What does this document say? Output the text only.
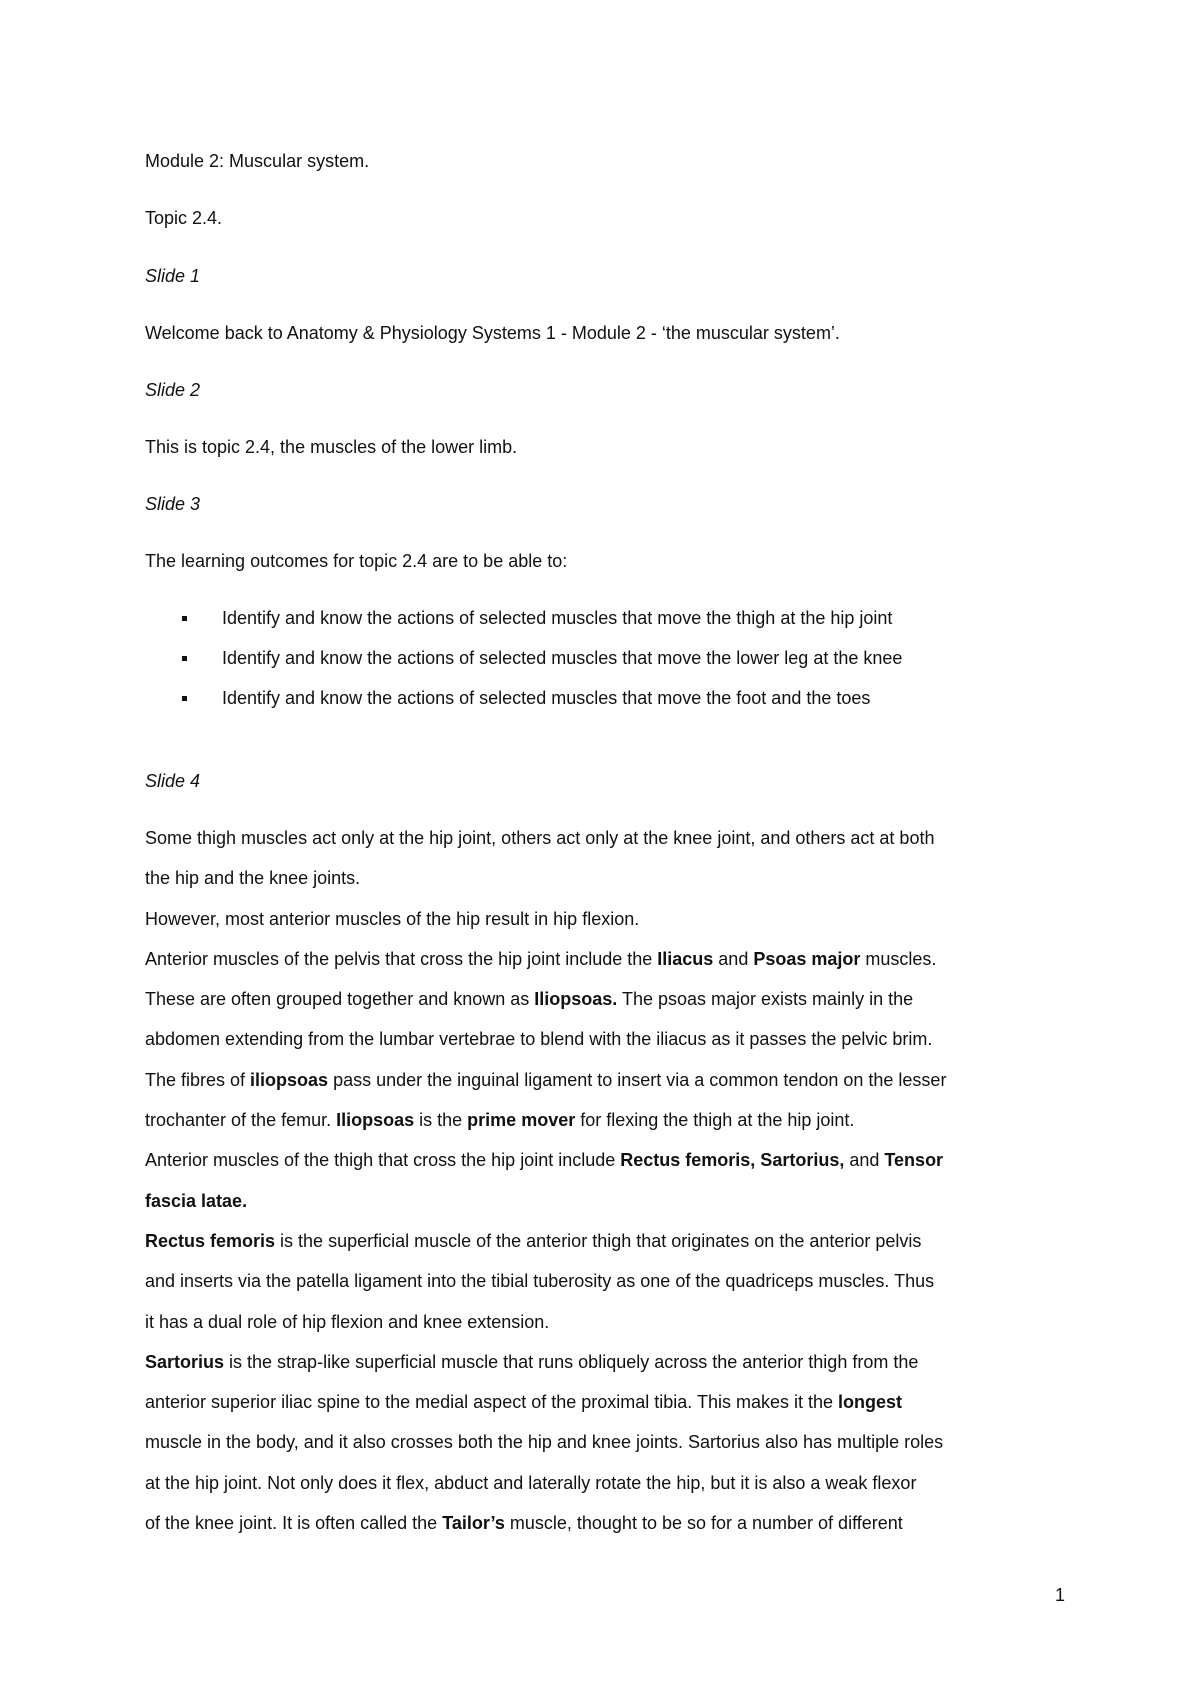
Module 2: Muscular system.

Topic 2.4.

Slide 1

Welcome back to Anatomy & Physiology Systems 1 - Module 2 - ‘the muscular system’.

Slide 2

This is topic 2.4, the muscles of the lower limb.

Slide 3

The learning outcomes for topic 2.4 are to be able to:

Identify and know the actions of selected muscles that move the thigh at the hip joint
Identify and know the actions of selected muscles that move the lower leg at the knee
Identify and know the actions of selected muscles that move the foot and the toes

Slide 4

Some thigh muscles act only at the hip joint, others act only at the knee joint, and others act at both
the hip and the knee joints.
However, most anterior muscles of the hip result in hip flexion.
Anterior muscles of the pelvis that cross the hip joint include the Iliacus and Psoas major muscles.
These are often grouped together and known as Iliopsoas. The psoas major exists mainly in the
abdomen extending from the lumbar vertebrae to blend with the iliacus as it passes the pelvic brim.
The fibres of iliopsoas pass under the inguinal ligament to insert via a common tendon on the lesser
trochanter of the femur. Iliopsoas is the prime mover for flexing the thigh at the hip joint.
Anterior muscles of the thigh that cross the hip joint include Rectus femoris, Sartorius, and Tensor
fascia latae.
Rectus femoris is the superficial muscle of the anterior thigh that originates on the anterior pelvis
and inserts via the patella ligament into the tibial tuberosity as one of the quadriceps muscles. Thus
it has a dual role of hip flexion and knee extension.
Sartorius is the strap-like superficial muscle that runs obliquely across the anterior thigh from the
anterior superior iliac spine to the medial aspect of the proximal tibia. This makes it the longest
muscle in the body, and it also crosses both the hip and knee joints. Sartorius also has multiple roles
at the hip joint. Not only does it flex, abduct and laterally rotate the hip, but it is also a weak flexor
of the knee joint. It is often called the Tailor’s muscle, thought to be so for a number of different
1
